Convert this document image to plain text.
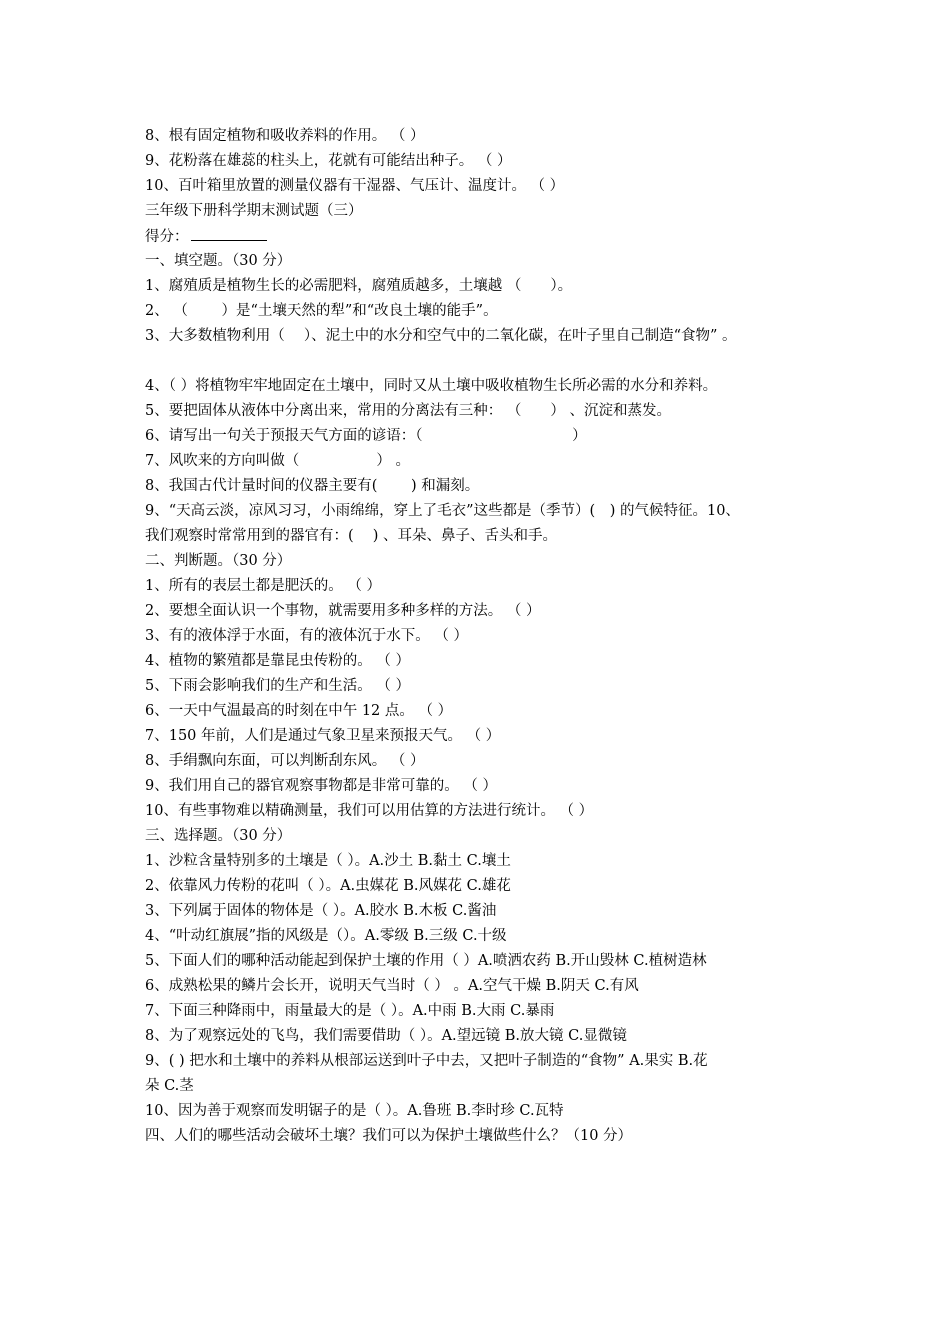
8、根有固定植物和吸收养料的作用。 （ ）
9、花粉落在雄蕊的柱头上，花就有可能结出种子。 （ ）
10、百叶箱里放置的测量仪器有干湿器、气压计、温度计。 （ ）
三年级下册科学期末测试题（三）
得分：
一、填空题。（30 分）
1、腐殖质是植物生长的必需肥料，腐殖质越多，土壤越 （　　）。
2、 （　　 ）是“土壤天然的犁”和“改良土壤的能手”。
3、大多数植物利用（　 ）、泥土中的水分和空气中的二氧化碳，在叶子里自己制造“食物” 。
4、（ ）将植物牢牢地固定在土壤中，同时又从土壤中吸收植物生长所必需的水分和养料。
5、要把固体从液体中分离出来，常用的分离法有三种： （　　） 、沉淀和蒸发。
6、请写出一句关于预报天气方面的谚语：（　　　　　　　　　　 ）
7、风吹来的方向叫做（　　　　　 ） 。
8、我国古代计量时间的仪器主要有(　　 ) 和漏刻。
9、“天高云淡，凉风习习，小雨绵绵，穿上了毛衣”这些都是（季节）(　) 的气候特征。10、
我们观察时常常用到的器官有：(　 ) 、耳朵、鼻子、舌头和手。
二、判断题。（30 分）
1、所有的表层土都是肥沃的。 （ ）
2、要想全面认识一个事物，就需要用多种多样的方法。 （ ）
3、有的液体浮于水面，有的液体沉于水下。 （ ）
4、植物的繁殖都是靠昆虫传粉的。 （ ）
5、下雨会影响我们的生产和生活。 （ ）
6、一天中气温最高的时刻在中午 12 点。 （ ）
7、150 年前，人们是通过气象卫星来预报天气。 （ ）
8、手绢飘向东面，可以判断刮东风。 （ ）
9、我们用自己的器官观察事物都是非常可靠的。 （ ）
10、有些事物难以精确测量，我们可以用估算的方法进行统计。 （ ）
三、选择题。（30 分）
1、沙粒含量特别多的土壤是（ ）。A.沙土 B.黏土 C.壤土
2、依靠风力传粉的花叫（ ）。A.虫媒花 B.风媒花 C.雄花
3、下列属于固体的物体是（ ）。A.胶水 B.木板 C.酱油
4、“叶动红旗展”指的风级是（）。A.零级 B.三级 C.十级
5、下面人们的哪种活动能起到保护土壤的作用（ ）A.喷洒农药 B.开山毁林 C.植树造林
6、成熟松果的鳞片会长开，说明天气当时（ ） 。A.空气干燥 B.阴天 C.有风
7、下面三种降雨中，雨量最大的是（ ）。A.中雨 B.大雨 C.暴雨
8、为了观察远处的飞鸟，我们需要借助（ ）。A.望远镜 B.放大镜 C.显微镜
9、( ) 把水和土壤中的养料从根部运送到叶子中去，又把叶子制造的“食物” A.果实 B.花
朵 C.茎
10、因为善于观察而发明锯子的是（ ）。A.鲁班 B.李时珍 C.瓦特
四、人们的哪些活动会破坏土壤？我们可以为保护土壤做些什么？（10 分）
